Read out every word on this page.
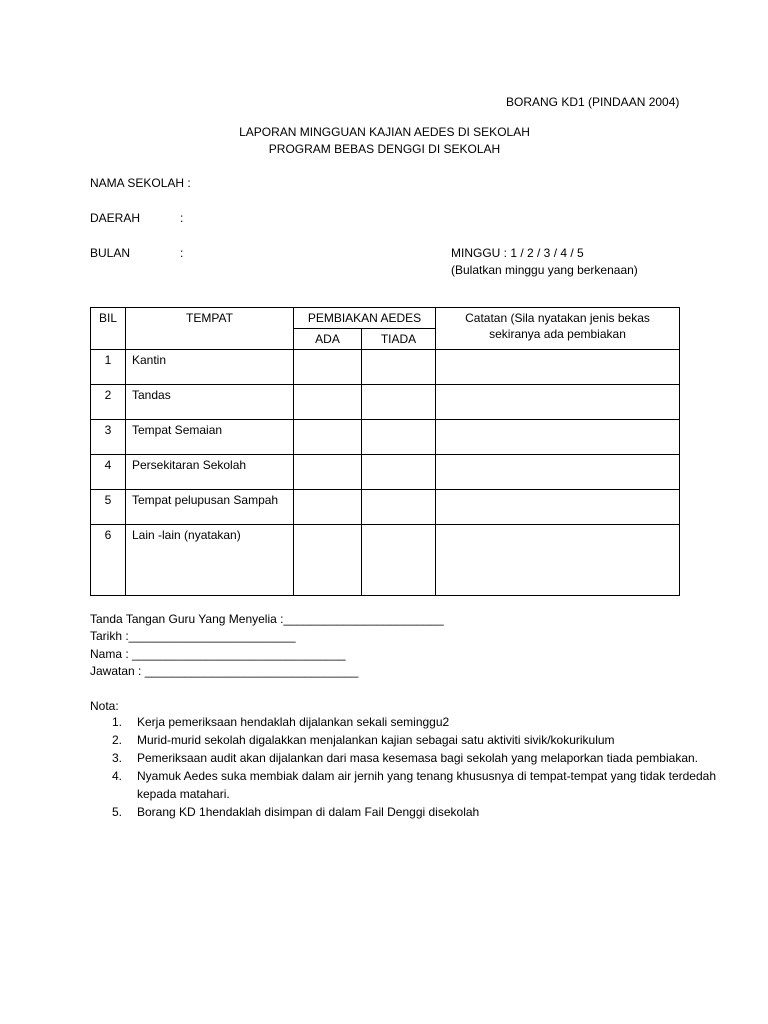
BORANG KD1 (PINDAAN 2004)
LAPORAN MINGGUAN KAJIAN AEDES DI SEKOLAH
PROGRAM BEBAS DENGGI DI SEKOLAH
NAMA SEKOLAH :
DAERAH	:
BULAN	:	MINGGU : 1 / 2 / 3 / 4 / 5
(Bulatkan minggu yang berkenaan)
BIL	TEMPAT	PEMBIAKAN AEDES		Catatan (Sila nyatakan jenis bekas sekiranya ada pembiakan
		ADA	TIADA	
1	Kantin			
2	Tandas			
3	Tempat Semaian			
4	Persekitaran Sekolah			
5	Tempat pelupusan Sampah			
6	Lain -lain (nyatakan)			
Tanda Tangan Guru Yang Menyelia :________________________
Tarikh :_________________________
Nama : ________________________________
Jawatan : ________________________________
Nota:
1. Kerja pemeriksaan hendaklah dijalankan sekali seminggu2
2. Murid-murid sekolah digalakkan menjalankan kajian sebagai satu aktiviti sivik/kokurikulum
3. Pemeriksaan audit akan dijalankan dari masa kesemasa bagi sekolah yang melaporkan tiada pembiakan.
4. Nyamuk Aedes suka membiak dalam air jernih yang tenang khususnya di tempat-tempat yang tidak terdedah kepada matahari.
5. Borang KD 1hendaklah disimpan di dalam Fail Denggi disekolah
